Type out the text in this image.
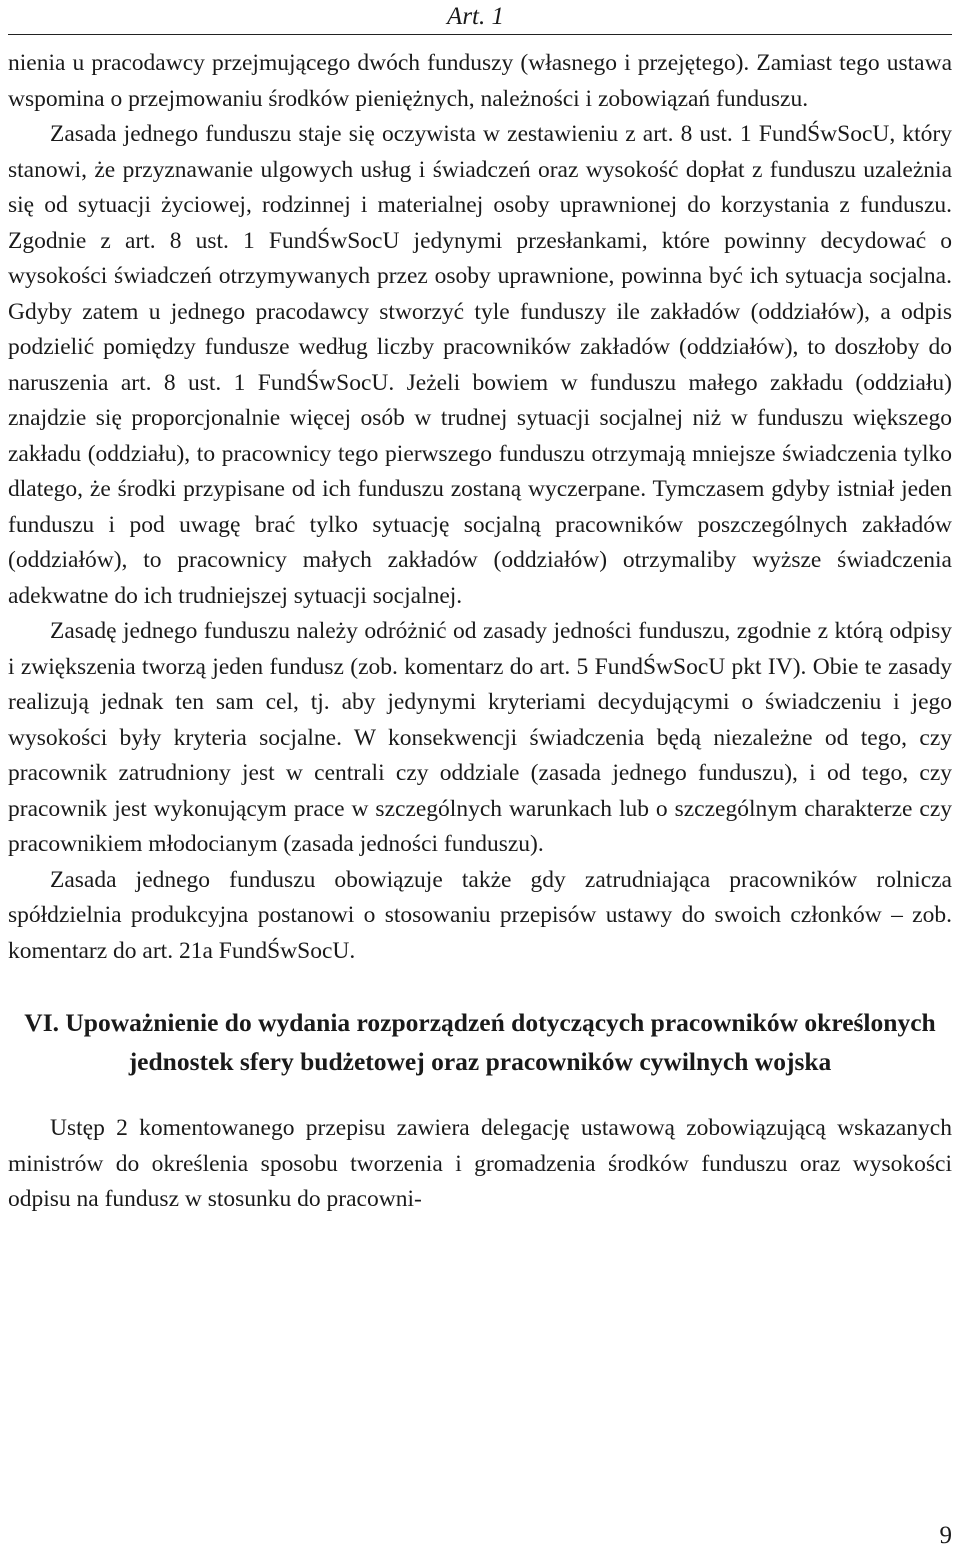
Art. 1

nienia u pracodawcy przejmującego dwóch funduszy (własnego i przejętego). Zamiast tego ustawa wspomina o przejmowaniu środków pieniężnych, należności i zobowiązań funduszu.

Zasada jednego funduszu staje się oczywista w zestawieniu z art. 8 ust. 1 FundŚwSocU, który stanowi, że przyznawanie ulgowych usług i świadczeń oraz wysokość dopłat z funduszu uzależnia się od sytuacji życiowej, rodzinnej i materialnej osoby uprawnionej do korzystania z funduszu. Zgodnie z art. 8 ust. 1 FundŚwSocU jedynymi przesłankami, które powinny decydować o wysokości świadczeń otrzymywanych przez osoby uprawnione, powinna być ich sytuacja socjalna. Gdyby zatem u jednego pracodawcy stworzyć tyle funduszy ile zakładów (oddziałów), a odpis podzielić pomiędzy fundusze według liczby pracowników zakładów (oddziałów), to doszłoby do naruszenia art. 8 ust. 1 FundŚwSocU. Jeżeli bowiem w funduszu małego zakładu (oddziału) znajdzie się proporcjonalnie więcej osób w trudnej sytuacji socjalnej niż w funduszu większego zakładu (oddziału), to pracownicy tego pierwszego funduszu otrzymają mniejsze świadczenia tylko dlatego, że środki przypisane od ich funduszu zostaną wyczerpane. Tymczasem gdyby istniał jeden funduszu i pod uwagę brać tylko sytuację socjalną pracowników poszczególnych zakładów (oddziałów), to pracownicy małych zakładów (oddziałów) otrzymaliby wyższe świadczenia adekwatne do ich trudniejszej sytuacji socjalnej.

Zasadę jednego funduszu należy odróżnić od zasady jedności funduszu, zgodnie z którą odpisy i zwiększenia tworzą jeden fundusz (zob. komentarz do art. 5 FundŚwSocU pkt IV). Obie te zasady realizują jednak ten sam cel, tj. aby jedynymi kryteriami decydującymi o świadczeniu i jego wysokości były kryteria socjalne. W konsekwencji świadczenia będą niezależne od tego, czy pracownik zatrudniony jest w centrali czy oddziale (zasada jednego funduszu), i od tego, czy pracownik jest wykonującym prace w szczególnych warunkach lub o szczególnym charakterze czy pracownikiem młodocianym (zasada jedności funduszu).

Zasada jednego funduszu obowiązuje także gdy zatrudniająca pracowników rolnicza spółdzielnia produkcyjna postanowi o stosowaniu przepisów ustawy do swoich członków – zob. komentarz do art. 21a FundŚwSocU.

VI. Upoważnienie do wydania rozporządzeń dotyczących pracowników określonych jednostek sfery budżetowej oraz pracowników cywilnych wojska

Ustęp 2 komentowanego przepisu zawiera delegację ustawową zobowiązującą wskazanych ministrów do określenia sposobu tworzenia i gromadzenia środków funduszu oraz wysokości odpisu na fundusz w stosunku do pracowni-

9
